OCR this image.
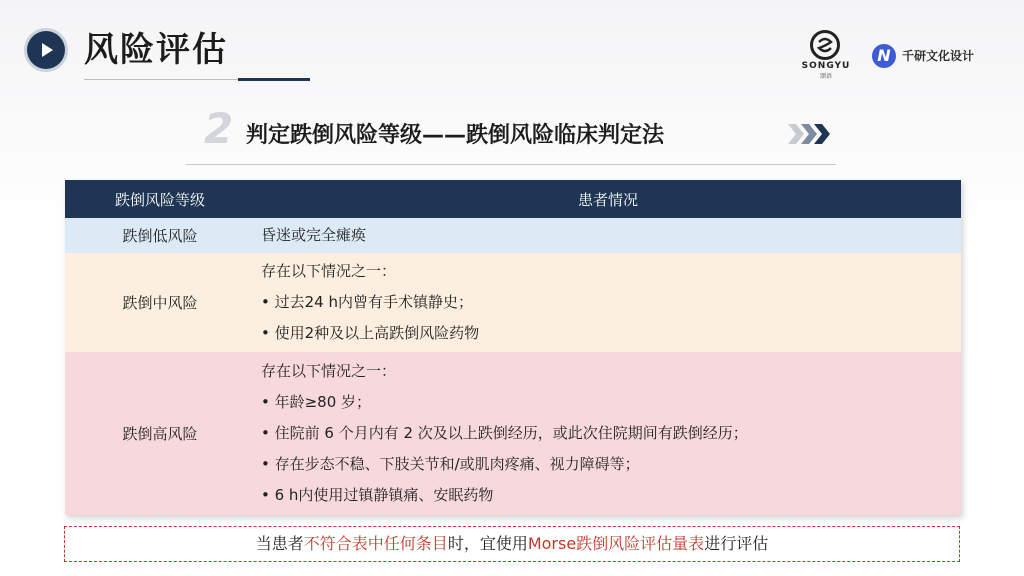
风险评估	SONGYU
颂语
N 千研文化设计
2 判定跌倒风险等级——跌倒风险临床判定法
跌倒风险等级	患者情况
跌倒低风险	昏迷或完全瘫痪

跌倒中风险	存在以下情况之一：
• 过去24 h内曾有手术镇静史；
• 使用2种及以上高跌倒风险药物

跌倒高风险	存在以下情况之一：
• 年龄≥80 岁；
• 住院前 6 个月内有 2 次及以上跌倒经历，或此次住院期间有跌倒经历；
• 存在步态不稳、下肢关节和/或肌肉疼痛、视力障碍等；
• 6 h内使用过镇静镇痛、安眠药物
当患者不符合表中任何条目时，宜使用Morse跌倒风险评估量表进行评估
